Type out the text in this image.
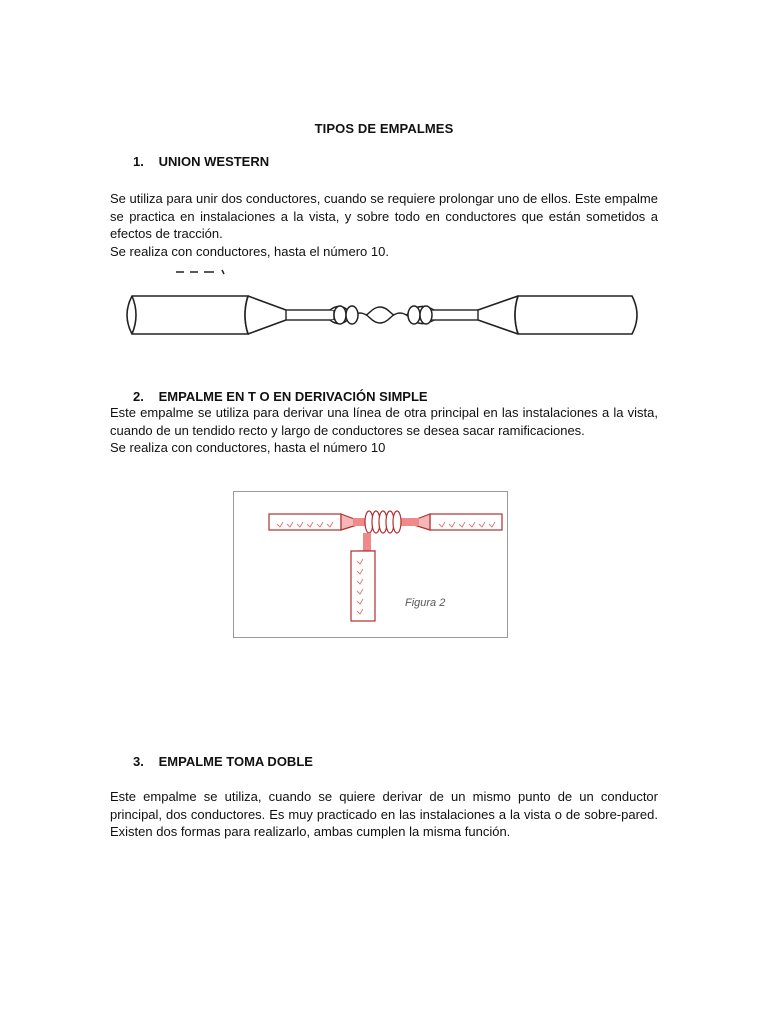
TIPOS DE EMPALMES
1. UNION WESTERN

Se utiliza para unir dos conductores, cuando se requiere prolongar uno de ellos. Este empalme se practica en instalaciones a la vista, y sobre todo en conductores que están sometidos a efectos de tracción.

Se realiza con conductores, hasta el número 10.

2. EMPALME EN T O EN DERIVACIÓN SIMPLE

Este empalme se utiliza para derivar una línea de otra principal en las instalaciones a la vista, cuando de un tendido recto y largo de conductores se desea sacar ramificaciones.

Se realiza con conductores, hasta el número 10

Figura 2
3. EMPALME TOMA DOBLE

Este empalme se utiliza, cuando se quiere derivar de un mismo punto de un conductor principal, dos conductores. Es muy practicado en las instalaciones a la vista o de sobre-pared. Existen dos formas para realizarlo, ambas cumplen la misma función.
